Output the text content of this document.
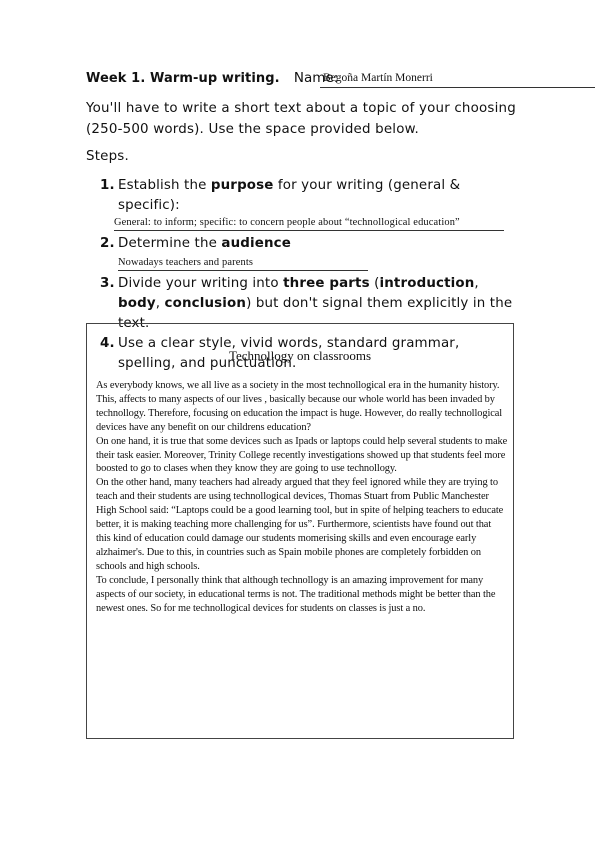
Week 1. Warm-up writing. Name:
Begoña Martín Monerri
You'll have to write a short text about a topic of your choosing (250-500 words). Use the space provided below.
Steps.
1. Establish the purpose for your writing (general & specific):
General: to inform; specific: to concern people about “technollogical education”
2. Determine the audience Nowadays teachers and parents
3. Divide your writing into three parts (introduction, body, conclusion) but don't signal them explicitly in the text.
4. Use a clear style, vivid words, standard grammar, spelling, and punctuation.
Technollogy on classrooms

As everybody knows, we all live as a society in the most technollogical era in the humanity history. This, affects to many aspects of our lives , basically because our whole world has been invaded by technollogy. Therefore, focusing on education the impact is huge. However, do really technollogical devices have any benefit on our childrens education?

On one hand, it is true that some devices such as Ipads or laptops could help several students to make their task easier. Moreover, Trinity College recently investigations showed up that students feel more boosted to go to clases when they know they are going to use technollogy.

On the other hand, many teachers had already argued that they feel ignored while they are trying to teach and their students are using technollogical devices, Thomas Stuart from Public Manchester High School said: “Laptops could be a good learning tool, but in spite of helping teachers to educate better, it is making teaching more challenging for us”. Furthermore, scientists have found out that this kind of education could damage our students momerising skills and even encourage early alzhaimer's. Due to this, in countries such as Spain mobile phones are completely forbidden on schools and high schools.

To conclude, I personally think that although technollogy is an amazing improvement for many aspects of our society, in educational terms is not. The traditional methods might be better than the newest ones. So for me technollogical devices for students on classes is just a no.
